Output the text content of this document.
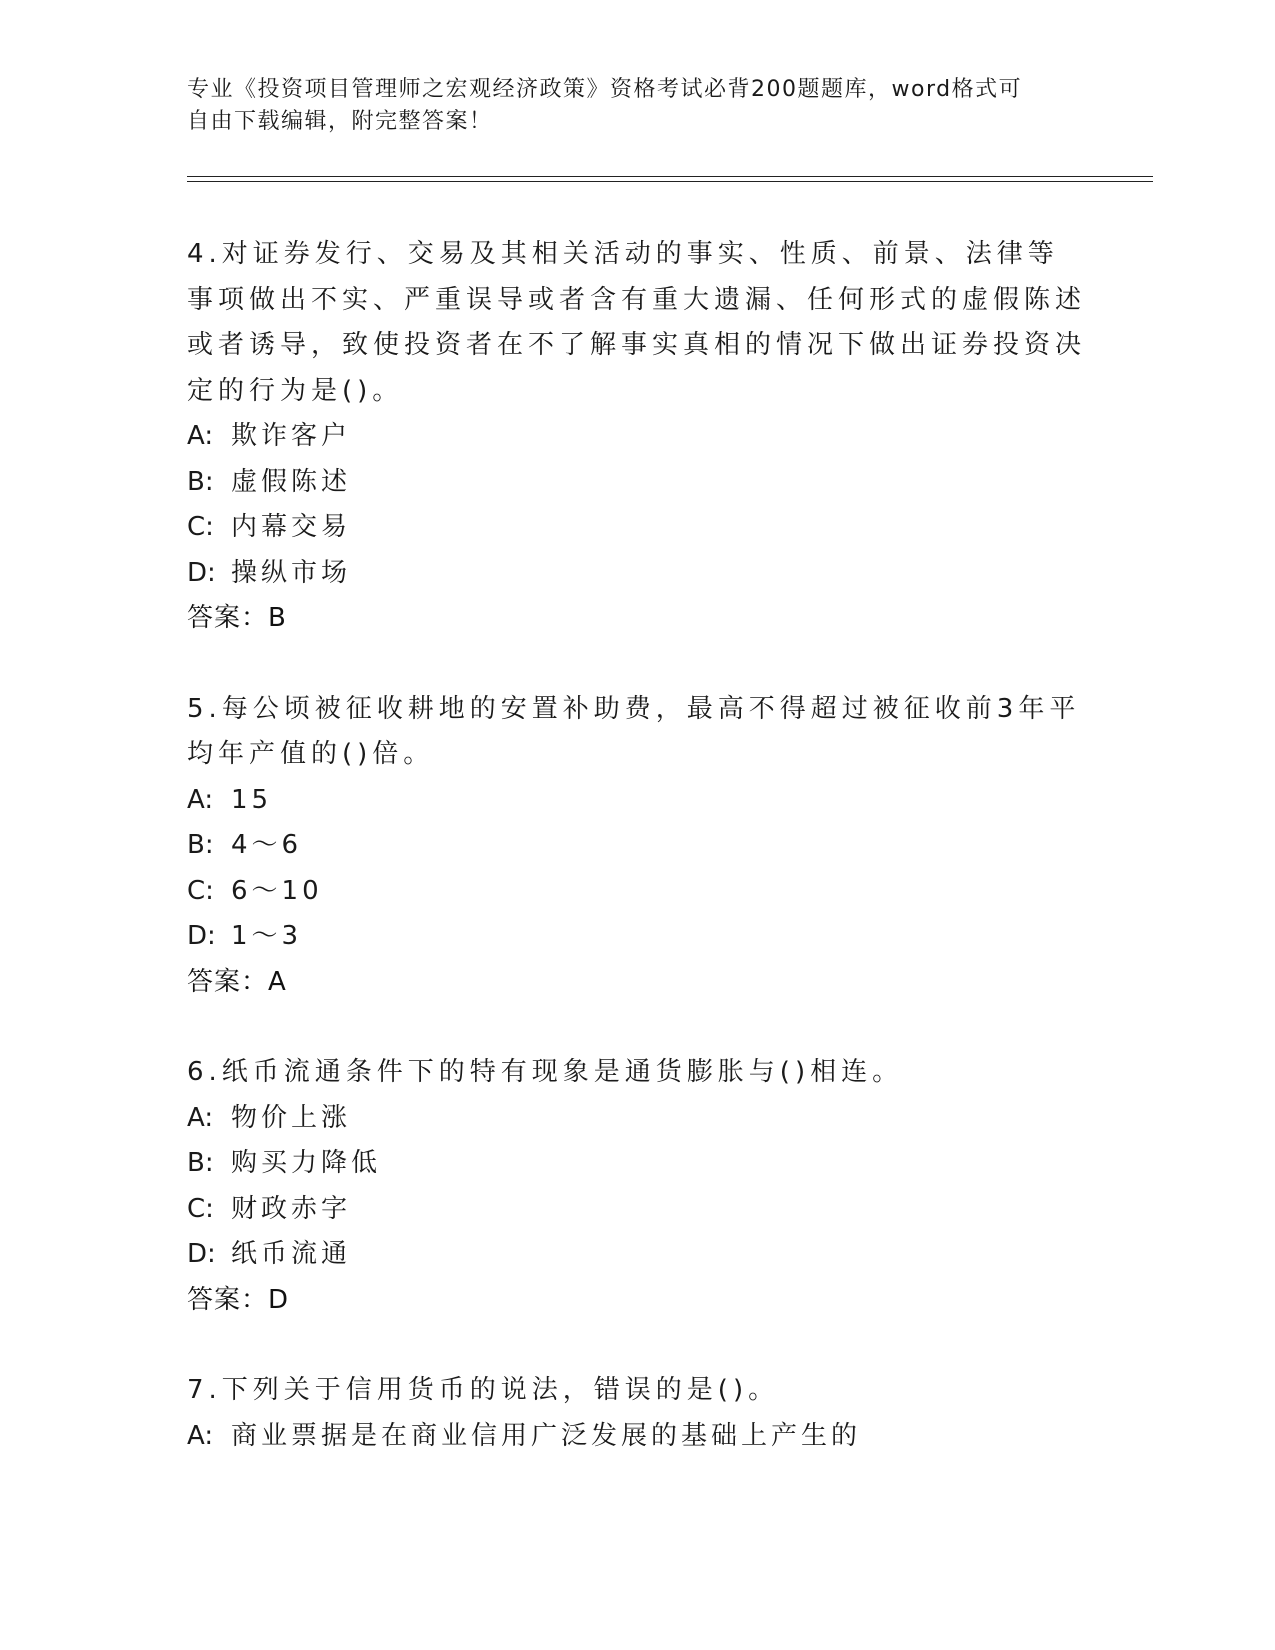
专业《投资项目管理师之宏观经济政策》资格考试必背200题题库，word格式可
自由下载编辑，附完整答案！
4.对证券发行、交易及其相关活动的事实、性质、前景、法律等事项做出不实、严重误导或者含有重大遗漏、任何形式的虚假陈述或者诱导，致使投资者在不了解事实真相的情况下做出证券投资决定的行为是()。
A: 欺诈客户
B: 虚假陈述
C: 内幕交易
D: 操纵市场
答案：B
5.每公顷被征收耕地的安置补助费，最高不得超过被征收前3年平均年产值的()倍。
A: 15
B: 4～6
C: 6～10
D: 1～3
答案：A
6.纸币流通条件下的特有现象是通货膨胀与()相连。
A: 物价上涨
B: 购买力降低
C: 财政赤字
D: 纸币流通
答案：D
7.下列关于信用货币的说法，错误的是()。
A: 商业票据是在商业信用广泛发展的基础上产生的
